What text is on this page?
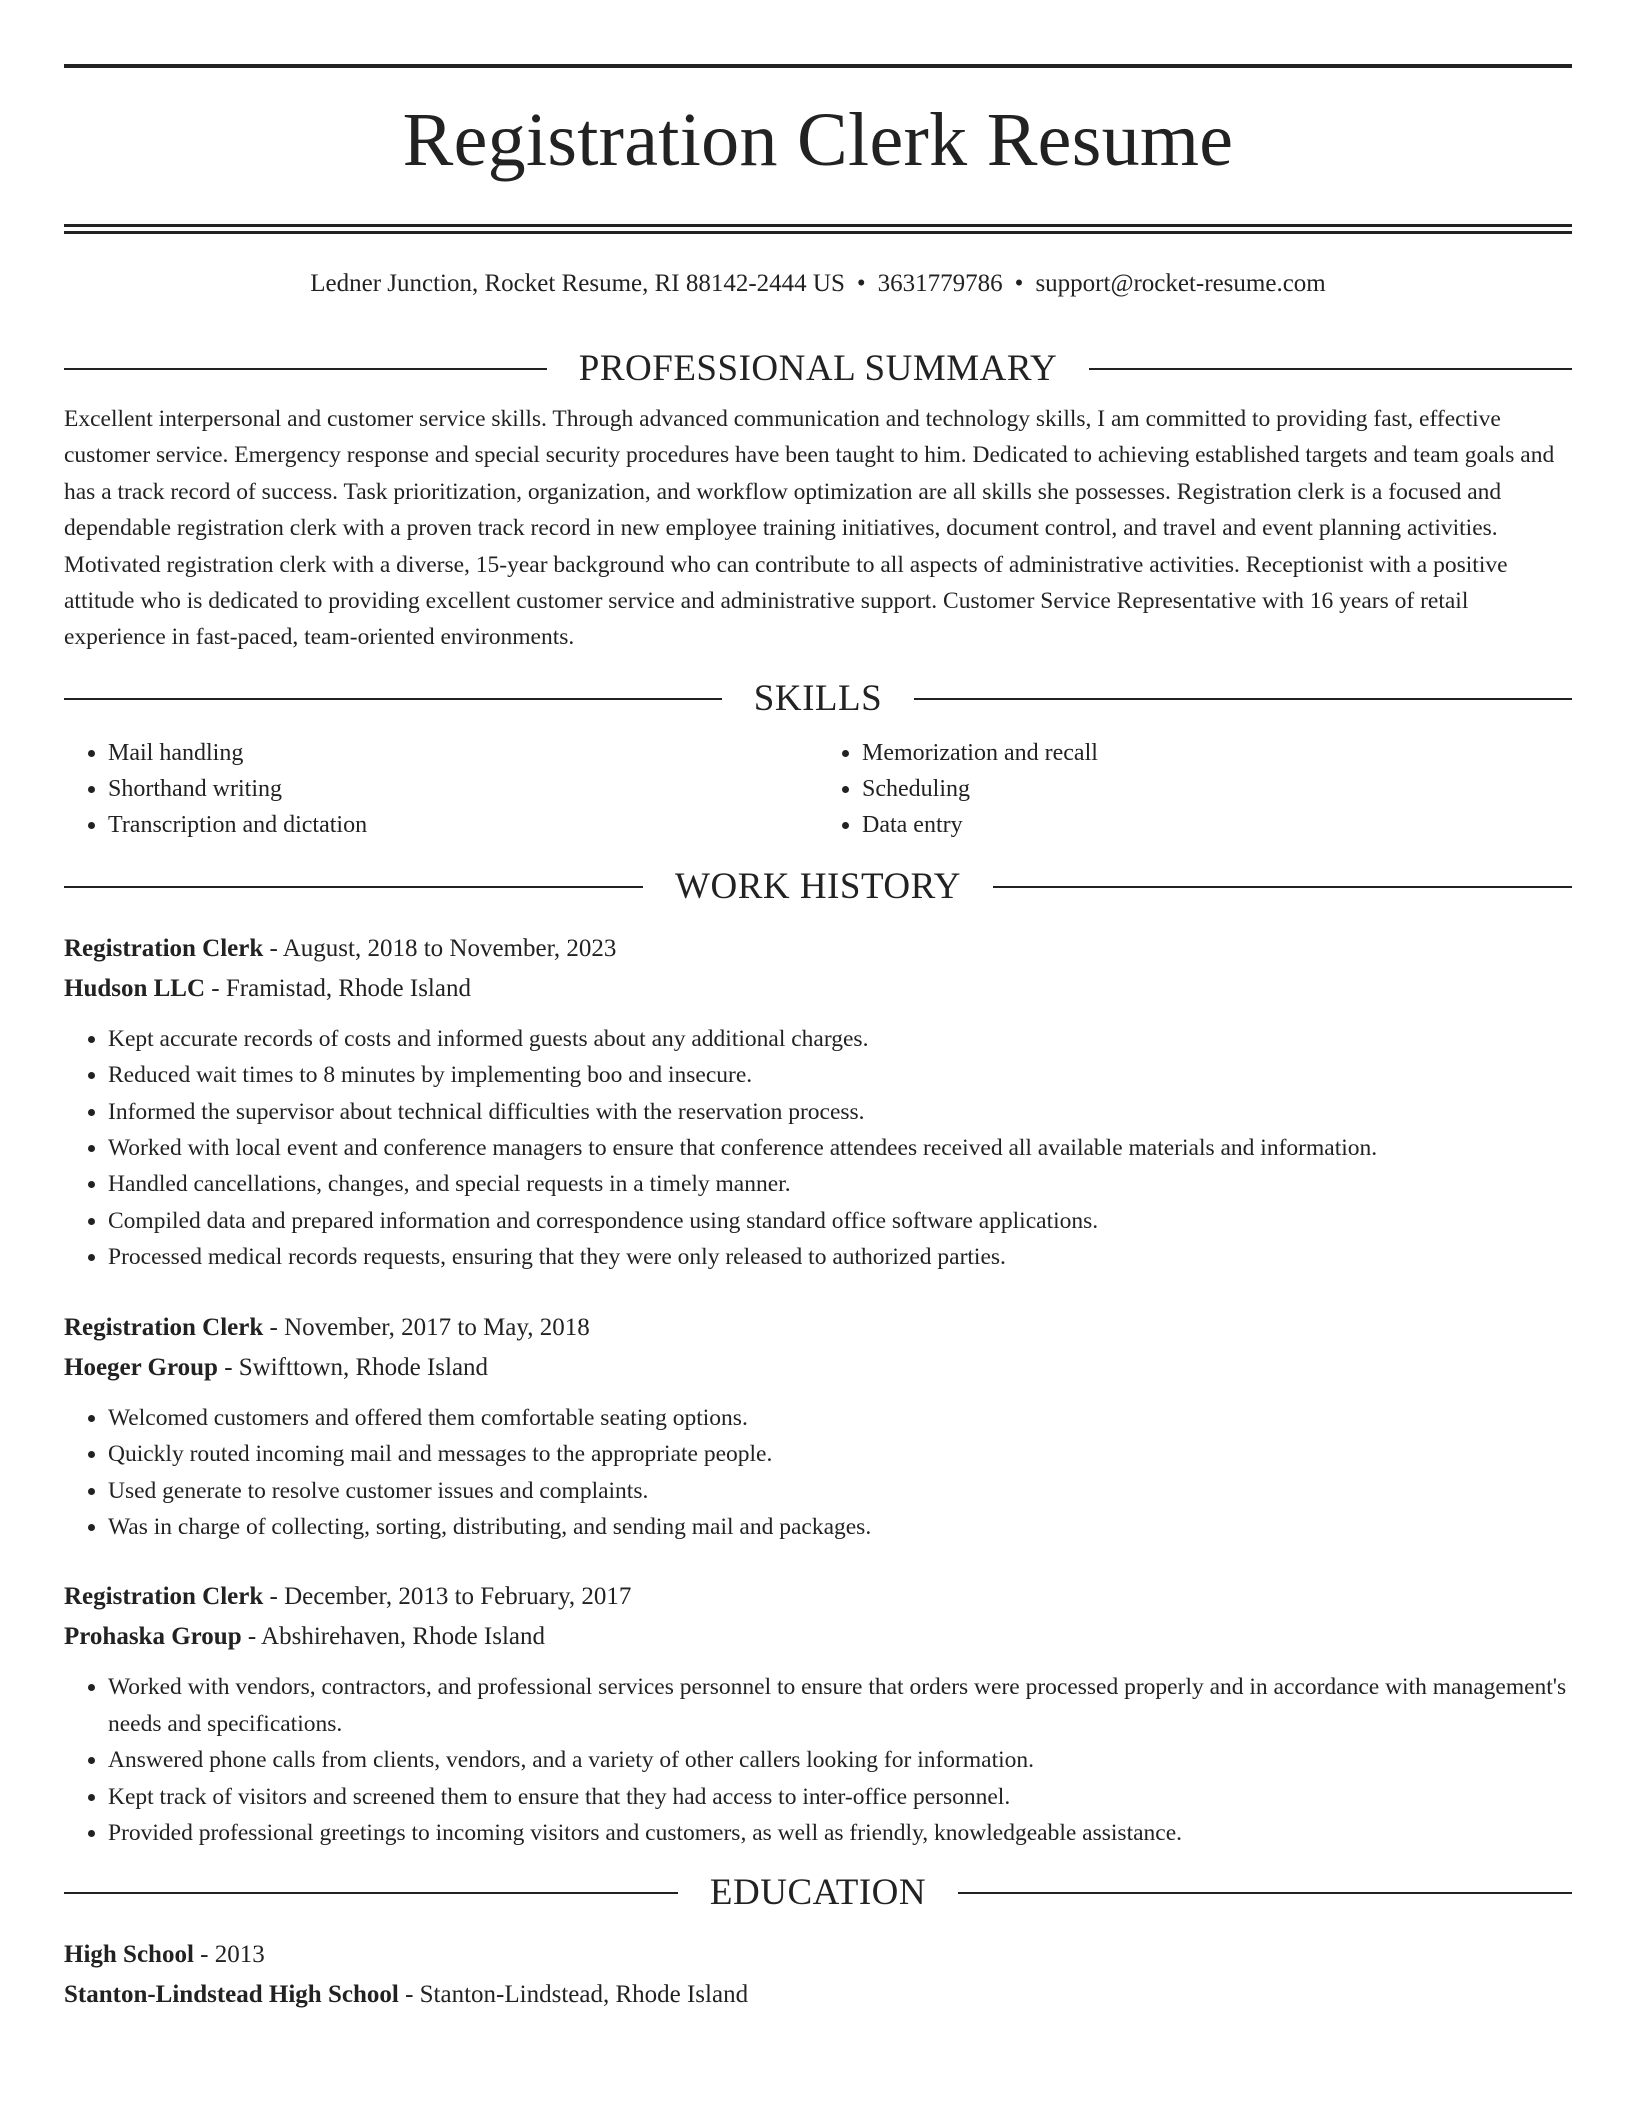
Registration Clerk Resume
Ledner Junction, Rocket Resume, RI 88142-2444 US • 3631779786 • support@rocket-resume.com
PROFESSIONAL SUMMARY

Excellent interpersonal and customer service skills. Through advanced communication and technology skills, I am committed to providing fast, effective customer service. Emergency response and special security procedures have been taught to him. Dedicated to achieving established targets and team goals and has a track record of success. Task prioritization, organization, and workflow optimization are all skills she possesses. Registration clerk is a focused and dependable registration clerk with a proven track record in new employee training initiatives, document control, and travel and event planning activities. Motivated registration clerk with a diverse, 15-year background who can contribute to all aspects of administrative activities. Receptionist with a positive attitude who is dedicated to providing excellent customer service and administrative support. Customer Service Representative with 16 years of retail experience in fast-paced, team-oriented environments.

SKILLS
• Mail handling
• Shorthand writing
• Transcription and dictation
• Memorization and recall
• Scheduling
• Data entry
WORK HISTORY
Registration Clerk - August, 2018 to November, 2023
Hudson LLC - Framistad, Rhode Island
• Kept accurate records of costs and informed guests about any additional charges.
• Reduced wait times to 8 minutes by implementing boo and insecure.
• Informed the supervisor about technical difficulties with the reservation process.
• Worked with local event and conference managers to ensure that conference attendees received all available materials and information.
• Handled cancellations, changes, and special requests in a timely manner.
• Compiled data and prepared information and correspondence using standard office software applications.
• Processed medical records requests, ensuring that they were only released to authorized parties.
Registration Clerk - November, 2017 to May, 2018
Hoeger Group - Swifttown, Rhode Island
• Welcomed customers and offered them comfortable seating options.
• Quickly routed incoming mail and messages to the appropriate people.
• Used generate to resolve customer issues and complaints.
• Was in charge of collecting, sorting, distributing, and sending mail and packages.
Registration Clerk - December, 2013 to February, 2017
Prohaska Group - Abshirehaven, Rhode Island
• Worked with vendors, contractors, and professional services personnel to ensure that orders were processed properly and in accordance with management's needs and specifications.
• Answered phone calls from clients, vendors, and a variety of other callers looking for information.
• Kept track of visitors and screened them to ensure that they had access to inter-office personnel.
• Provided professional greetings to incoming visitors and customers, as well as friendly, knowledgeable assistance.
EDUCATION
High School - 2013
Stanton-Lindstead High School - Stanton-Lindstead, Rhode Island
